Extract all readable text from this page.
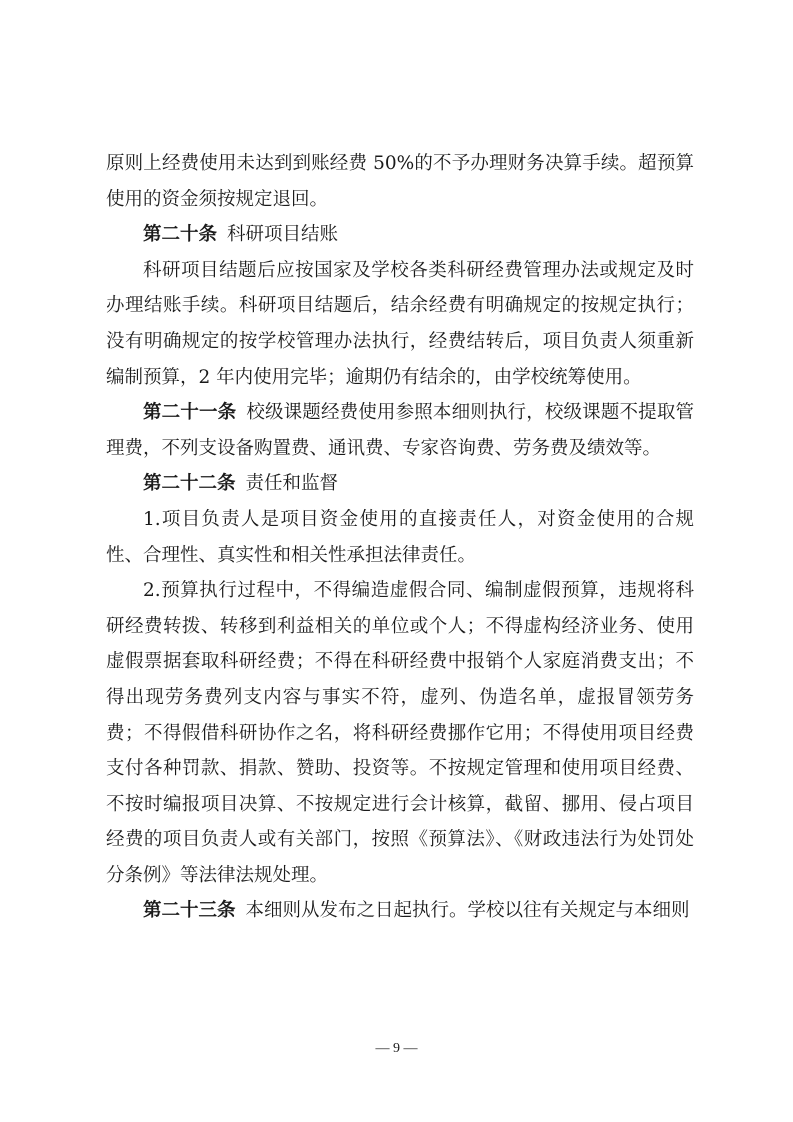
原则上经费使用未达到到账经费 50%的不予办理财务决算手续。超预算使用的资金须按规定退回。

第二十条 科研项目结账

科研项目结题后应按国家及学校各类科研经费管理办法或规定及时办理结账手续。科研项目结题后，结余经费有明确规定的按规定执行；没有明确规定的按学校管理办法执行，经费结转后，项目负责人须重新编制预算，2 年内使用完毕；逾期仍有结余的，由学校统筹使用。

第二十一条 校级课题经费使用参照本细则执行，校级课题不提取管理费，不列支设备购置费、通讯费、专家咨询费、劳务费及绩效等。

第二十二条 责任和监督

1.项目负责人是项目资金使用的直接责任人，对资金使用的合规性、合理性、真实性和相关性承担法律责任。

2.预算执行过程中，不得编造虚假合同、编制虚假预算，违规将科研经费转拨、转移到利益相关的单位或个人；不得虚构经济业务、使用虚假票据套取科研经费；不得在科研经费中报销个人家庭消费支出；不得出现劳务费列支内容与事实不符，虚列、伪造名单，虚报冒领劳务费；不得假借科研协作之名，将科研经费挪作它用；不得使用项目经费支付各种罚款、捐款、赞助、投资等。不按规定管理和使用项目经费、不按时编报项目决算、不按规定进行会计核算，截留、挪用、侵占项目经费的项目负责人或有关部门，按照《预算法》、《财政违法行为处罚处分条例》等法律法规处理。

第二十三条 本细则从发布之日起执行。学校以往有关规定与本细则

— 9 —
